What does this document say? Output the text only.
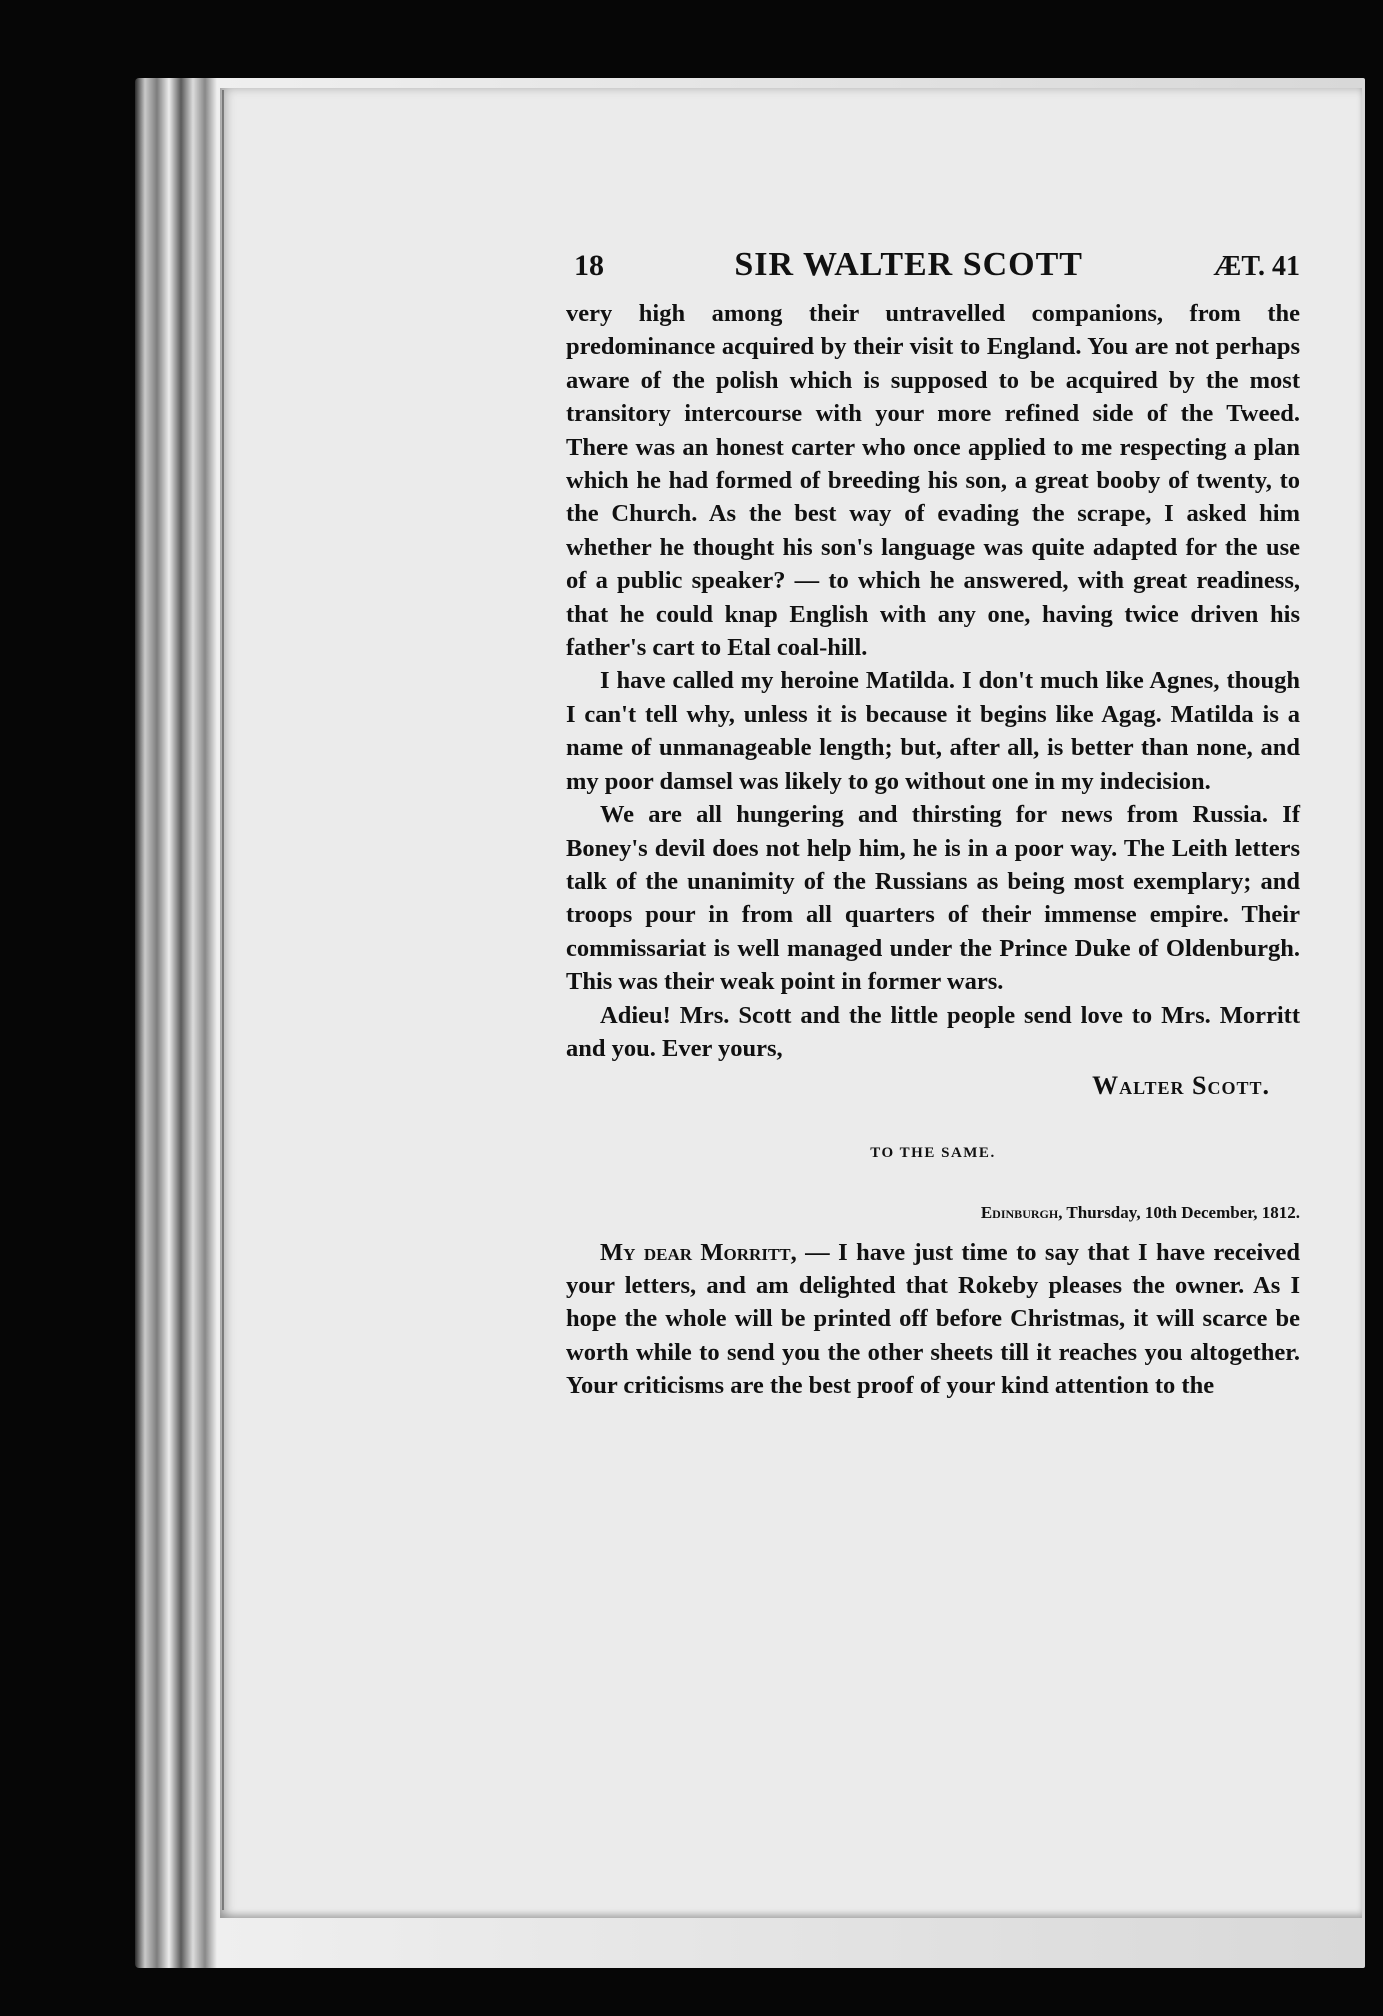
18	SIR WALTER SCOTT	ÆT. 41

very high among their untravelled companions, from the predominance acquired by their visit to England. You are not perhaps aware of the polish which is supposed to be acquired by the most transitory intercourse with your more refined side of the Tweed. There was an honest carter who once applied to me respecting a plan which he had formed of breeding his son, a great booby of twenty, to the Church. As the best way of evading the scrape, I asked him whether he thought his son's language was quite adapted for the use of a public speaker? — to which he answered, with great readiness, that he could knap English with any one, having twice driven his father's cart to Etal coal-hill.

I have called my heroine Matilda. I don't much like Agnes, though I can't tell why, unless it is because it begins like Agag. Matilda is a name of unmanageable length; but, after all, is better than none, and my poor damsel was likely to go without one in my indecision.

We are all hungering and thirsting for news from Russia. If Boney's devil does not help him, he is in a poor way. The Leith letters talk of the unanimity of the Russians as being most exemplary; and troops pour in from all quarters of their immense empire. Their commissariat is well managed under the Prince Duke of Oldenburgh. This was their weak point in former wars.

Adieu! Mrs. Scott and the little people send love to Mrs. Morritt and you. Ever yours,

Walter Scott.
TO THE SAME.
Edinburgh, Thursday, 10th December, 1812.

My dear Morritt, — I have just time to say that I have received your letters, and am delighted that Rokeby pleases the owner. As I hope the whole will be printed off before Christmas, it will scarce be worth while to send you the other sheets till it reaches you altogether. Your criticisms are the best proof of your kind attention to the
